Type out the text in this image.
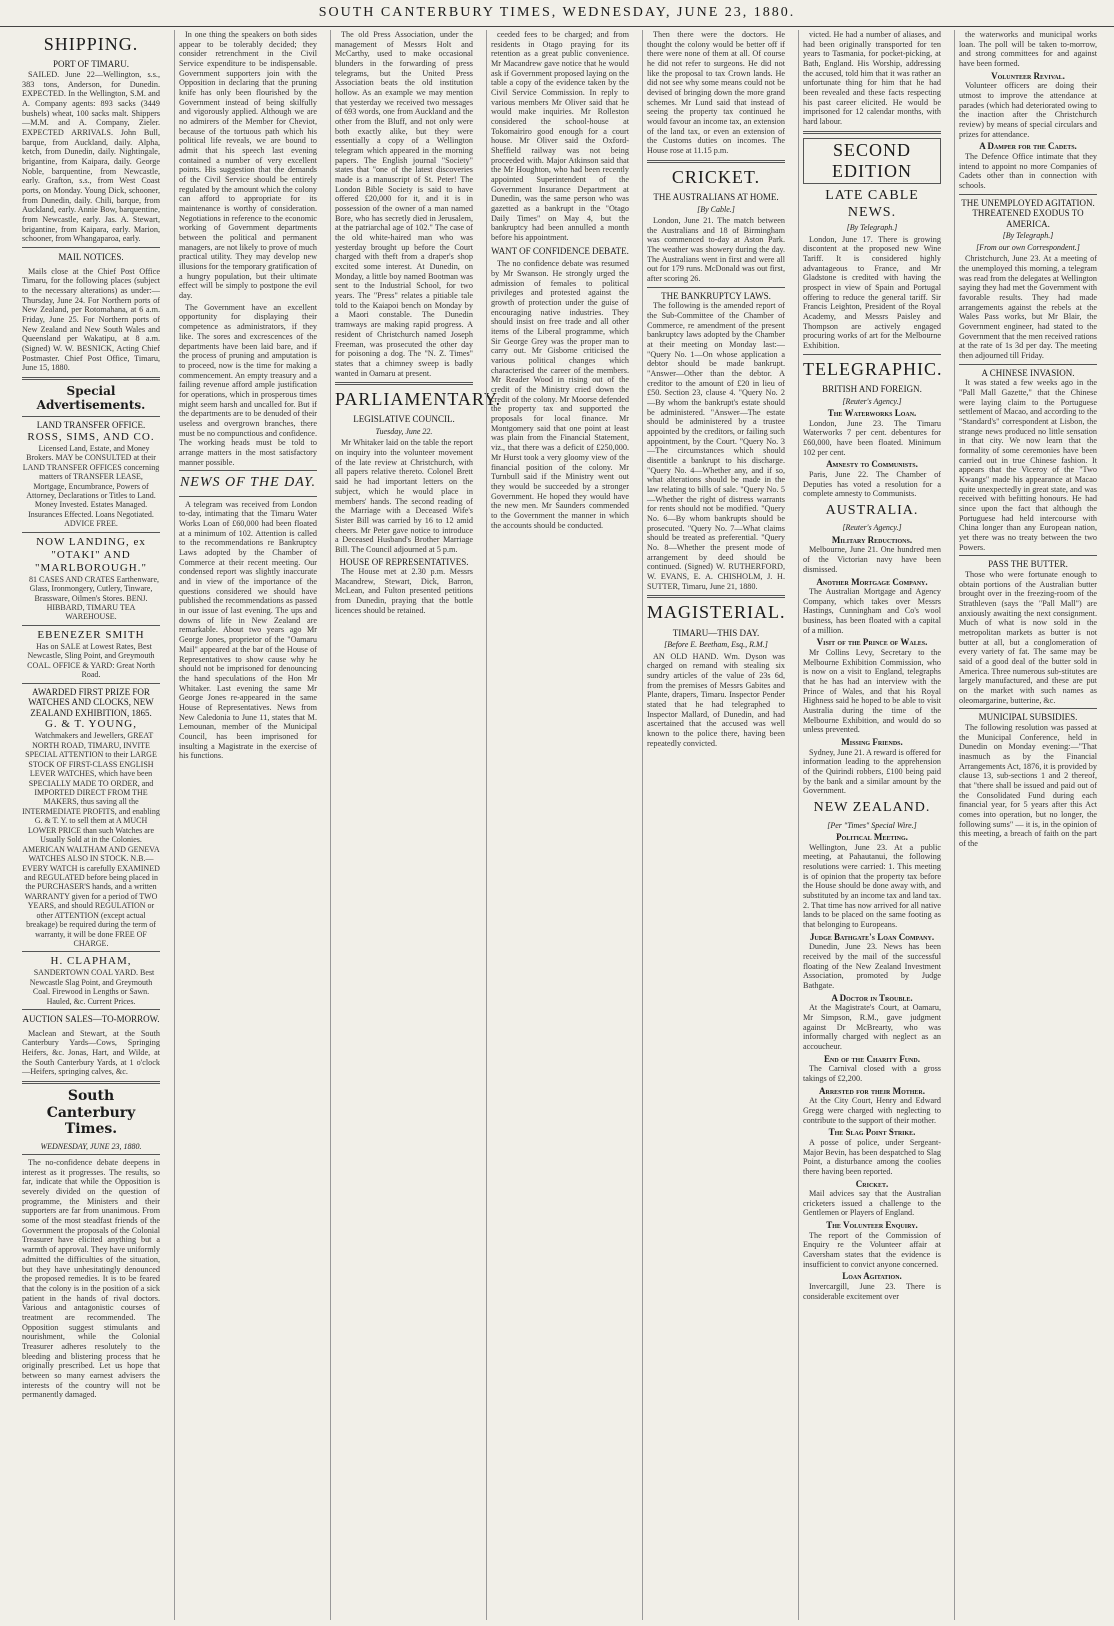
SOUTH CANTERBURY TIMES, WEDNESDAY, JUNE 23, 1880.
SHIPPING.
PORT OF TIMARU.

SAILED. June 22—Wellington, s.s., 383 tons, Anderson, for Dunedin. EXPECTED. In the Wellington, S.M. and A. Company agents: 893 sacks (3449 bushels) wheat, 100 sacks malt. Shippers—M.M. and A. Company, Zieler. EXPECTED ARRIVALS. John Bull, barque, from Auckland, daily. Alpha, ketch, from Dunedin, daily. Nightingale, brigantine, from Kaipara, daily. George Noble, barquentine, from Newcastle, early. Grafton, s.s., from West Coast ports, on Monday. Young Dick, schooner, from Dunedin, daily. Chili, barque, from Auckland, early. Annie Bow, barquentine, from Newcastle, early. Jas. A. Stewart, brigantine, from Kaipara, early. Marion, schooner, from Whangaparoa, early.

MAIL NOTICES.

Mails close at the Chief Post Office Timaru, for the following places (subject to the necessary alterations) as under:— Thursday, June 24. For Northern ports of New Zealand, per Rotomahana, at 6 a.m. Friday, June 25. For Northern ports of New Zealand and New South Wales and Queensland per Wakatipu, at 8 a.m. (Signed) W. W. BESNICK, Acting Chief Postmaster. Chief Post Office, Timaru, June 15, 1880.

Special Advertisements.
LAND TRANSFER OFFICE.
ROSS, SIMS, AND CO.

Licensed Land, Estate, and Money Brokers. MAY be CONSULTED at their LAND TRANSFER OFFICES concerning matters of TRANSFER LEASE, Mortgage, Encumbrance, Powers of Attorney, Declarations or Titles to Land. Money Invested. Estates Managed. Insurances Effected. Loans Negotiated. ADVICE FREE.

NOW LANDING, ex "OTAKI" AND "MARLBOROUGH."

81 CASES AND CRATES Earthenware, Glass, Ironmongery, Cutlery, Tinware, Brassware, Oilmen's Stores. BENJ. HIBBARD, TIMARU TEA WAREHOUSE.

EBENEZER SMITH

Has on SALE at Lowest Rates, Best Newcastle, Sling Point, and Greymouth COAL. OFFICE & YARD: Great North Road.

AWARDED FIRST PRIZE FOR WATCHES AND CLOCKS, NEW ZEALAND EXHIBITION, 1865.
G. & T. YOUNG,

Watchmakers and Jewellers, GREAT NORTH ROAD, TIMARU, INVITE SPECIAL ATTENTION to their LARGE STOCK OF FIRST-CLASS ENGLISH LEVER WATCHES, which have been SPECIALLY MADE TO ORDER, and IMPORTED DIRECT FROM THE MAKERS, thus saving all the INTERMEDIATE PROFITS, and enabling G. & T. Y. to sell them at A MUCH LOWER PRICE than such Watches are Usually Sold at in the Colonies. AMERICAN WALTHAM AND GENEVA WATCHES ALSO IN STOCK. N.B.—EVERY WATCH is carefully EXAMINED and REGULATED before being placed in the PURCHASER'S hands, and a written WARRANTY given for a period of TWO YEARS, and should REGULATION or other ATTENTION (except actual breakage) be required during the term of warranty, it will be done FREE OF CHARGE.

H. CLAPHAM,

SANDERTOWN COAL YARD. Best Newcastle Slag Point, and Greymouth Coal. Firewood in Lengths or Sawn. Hauled, &c. Current Prices.

AUCTION SALES—TO-MORROW.

Maclean and Stewart, at the South Canterbury Yards—Cows, Springing Heifers, &c. Jonas, Hart, and Wilde, at the South Canterbury Yards, at 1 o'clock—Heifers, springing calves, &c.

South Canterbury Times.
WEDNESDAY, JUNE 23, 1880.

The no-confidence debate deepens in interest as it progresses. The results, so far, indicate that while the Opposition is severely divided on the question of programme, the Ministers and their supporters are far from unanimous. From some of the most steadfast friends of the Government the proposals of the Colonial Treasurer have elicited anything but a warmth of approval. They have uniformly admitted the difficulties of the situation, but they have unhesitatingly denounced the proposed remedies. It is to be feared that the colony is in the position of a sick patient in the hands of rival doctors. Various and antagonistic courses of treatment are recommended. The Opposition suggest stimulants and nourishment, while the Colonial Treasurer adheres resolutely to the bleeding and blistering process that he originally prescribed. Let us hope that between so many earnest advisers the interests of the country will not be permanently damaged.

In one thing the speakers on both sides appear to be tolerably decided; they consider retrenchment in the Civil Service expenditure to be indispensable. Government supporters join with the Opposition in declaring that the pruning knife has only been flourished by the Government instead of being skilfully and vigorously applied. Although we are no admirers of the Member for Cheviot, because of the tortuous path which his political life reveals, we are bound to admit that his speech last evening contained a number of very excellent points. His suggestion that the demands of the Civil Service should be entirely regulated by the amount which the colony can afford to appropriate for its maintenance is worthy of consideration. Negotiations in reference to the economic working of Government departments between the political and permanent managers, are not likely to prove of much practical utility. They may develop new illusions for the temporary gratification of a hungry population, but their ultimate effect will be simply to postpone the evil day.

The Government have an excellent opportunity for displaying their competence as administrators, if they like. The sores and excrescences of the departments have been laid bare, and if the process of pruning and amputation is to proceed, now is the time for making a commencement. An empty treasury and a failing revenue afford ample justification for operations, which in prosperous times might seem harsh and uncalled for. But if the departments are to be denuded of their useless and overgrown branches, there must be no compunctious and confidence. The working heads must be told to arrange matters in the most satisfactory manner possible.

NEWS OF THE DAY.

A telegram was received from London to-day, intimating that the Timaru Water Works Loan of £60,000 had been floated at a minimum of 102. Attention is called to the recommendations re Bankruptcy Laws adopted by the Chamber of Commerce at their recent meeting. Our condensed report was slightly inaccurate and in view of the importance of the questions considered we should have published the recommendations as passed in our issue of last evening. The ups and downs of life in New Zealand are remarkable. About two years ago Mr George Jones, proprietor of the "Oamaru Mail" appeared at the bar of the House of Representatives to show cause why he should not be imprisoned for denouncing the hand speculations of the Hon Mr Whitaker. Last evening the same Mr George Jones re-appeared in the same House of Representatives. News from New Caledonia to June 11, states that M. Lemounan, member of the Municipal Council, has been imprisoned for insulting a Magistrate in the exercise of his functions.

The old Press Association, under the management of Messrs Holt and McCarthy, used to make occasional blunders in the forwarding of press telegrams, but the United Press Association beats the old institution hollow. As an example we may mention that yesterday we received two messages of 693 words, one from Auckland and the other from the Bluff, and not only were both exactly alike, but they were essentially a copy of a Wellington telegram which appeared in the morning papers. The English journal "Society" states that "one of the latest discoveries made is a manuscript of St. Peter! The London Bible Society is said to have offered £20,000 for it, and it is in possession of the owner of a man named Bore, who has secretly died in Jerusalem, at the patriarchal age of 102." The case of the old white-haired man who was yesterday brought up before the Court charged with theft from a draper's shop excited some interest. At Dunedin, on Monday, a little boy named Bootman was sent to the Industrial School, for two years. The "Press" relates a pitiable tale told to the Kaiapoi bench on Monday by a Maori constable. The Dunedin tramways are making rapid progress. A resident of Christchurch named Joseph Freeman, was prosecuted the other day for poisoning a dog. The "N. Z. Times" states that a chimney sweep is badly wanted in Oamaru at present.

PARLIAMENTARY.
LEGISLATIVE COUNCIL.
Tuesday, June 22.

Mr Whitaker laid on the table the report on inquiry into the volunteer movement of the late review at Christchurch, with all papers relative thereto. Colonel Brett said he had important letters on the subject, which he would place in members' hands. The second reading of the Marriage with a Deceased Wife's Sister Bill was carried by 16 to 12 amid cheers. Mr Peter gave notice to introduce a Deceased Husband's Brother Marriage Bill. The Council adjourned at 5 p.m.

HOUSE OF REPRESENTATIVES.

The House met at 2.30 p.m. Messrs Macandrew, Stewart, Dick, Barron, McLean, and Fulton presented petitions from Dunedin, praying that the bottle licences should be retained.

ceeded fees to be charged; and from residents in Otago praying for its retention as a great public convenience. Mr Macandrew gave notice that he would ask if Government proposed laying on the table a copy of the evidence taken by the Civil Service Commission. In reply to various members Mr Oliver said that he would make inquiries. Mr Rolleston considered the school-house at Tokomairiro good enough for a court house. Mr Oliver said the Oxford-Sheffield railway was not being proceeded with. Major Atkinson said that the Mr Houghton, who had been recently appointed Superintendent of the Government Insurance Department at Dunedin, was the same person who was gazetted as a bankrupt in the "Otago Daily Times" on May 4, but the bankruptcy had been annulled a month before his appointment.

WANT OF CONFIDENCE DEBATE.

The no confidence debate was resumed by Mr Swanson. He strongly urged the admission of females to political privileges and protested against the growth of protection under the guise of encouraging native industries. They should insist on free trade and all other items of the Liberal programme, which Sir George Grey was the proper man to carry out. Mr Gisborne criticised the various political changes which characterised the career of the members. Mr Reader Wood in rising out of the credit of the Ministry cried down the credit of the colony. Mr Moorse defended the property tax and supported the proposals for local finance. Mr Montgomery said that one point at least was plain from the Financial Statement, viz., that there was a deficit of £250,000. Mr Hurst took a very gloomy view of the financial position of the colony. Mr Turnbull said if the Ministry went out they would be succeeded by a stronger Government. He hoped they would have the new men. Mr Saunders commended to the Government the manner in which the accounts should be conducted.

Then there were the doctors. He thought the colony would be better off if there were none of them at all. Of course he did not refer to surgeons. He did not like the proposal to tax Crown lands. He did not see why some means could not be devised of bringing down the more grand schemes. Mr Lund said that instead of seeing the property tax continued he would favour an income tax, an extension of the land tax, or even an extension of the Customs duties on incomes. The House rose at 11.15 p.m.

CRICKET.
THE AUSTRALIANS AT HOME.
[By Cable.]

London, June 21. The match between the Australians and 18 of Birmingham was commenced to-day at Aston Park. The weather was showery during the day. The Australians went in first and were all out for 179 runs. McDonald was out first, after scoring 26.

THE BANKRUPTCY LAWS.

The following is the amended report of the Sub-Committee of the Chamber of Commerce, re amendment of the present bankruptcy laws adopted by the Chamber at their meeting on Monday last:— "Query No. 1—On whose application a debtor should be made bankrupt. "Answer—Other than the debtor. A creditor to the amount of £20 in lieu of £50. Section 23, clause 4. "Query No. 2—By whom the bankrupt's estate should be administered. "Answer—The estate should be administered by a trustee appointed by the creditors, or failing such appointment, by the Court. "Query No. 3—The circumstances which should disentitle a bankrupt to his discharge. "Query No. 4—Whether any, and if so, what alterations should be made in the law relating to bills of sale. "Query No. 5—Whether the right of distress warrants for rents should not be modified. "Query No. 6—By whom bankrupts should be prosecuted. "Query No. 7—What claims should be treated as preferential. "Query No. 8—Whether the present mode of arrangement by deed should be continued. (Signed) W. RUTHERFORD, W. EVANS, E. A. CHISHOLM, J. H. SUTTER, Timaru, June 21, 1880.

MAGISTERIAL.
TIMARU—THIS DAY.
[Before E. Beetham, Esq., R.M.]

AN OLD HAND. Wm. Dyson was charged on remand with stealing six sundry articles of the value of 23s 6d, from the premises of Messrs Gabites and Plante, drapers, Timaru. Inspector Pender stated that he had telegraphed to Inspector Mallard, of Dunedin, and had ascertained that the accused was well known to the police there, having been repeatedly convicted.

victed. He had a number of aliases, and had been originally transported for ten years to Tasmania, for pocket-picking, at Bath, England. His Worship, addressing the accused, told him that it was rather an unfortunate thing for him that he had been revealed and these facts respecting his past career elicited. He would be imprisoned for 12 calendar months, with hard labour.

SECOND EDITION
LATE CABLE NEWS.
[By Telegraph.]

London, June 17. There is growing discontent at the proposed new Wine Tariff. It is considered highly advantageous to France, and Mr Gladstone is credited with having the prospect in view of Spain and Portugal offering to reduce the general tariff. Sir Francis Leighton, President of the Royal Academy, and Messrs Paisley and Thompson are actively engaged procuring works of art for the Melbourne Exhibition.

TELEGRAPHIC.
BRITISH AND FOREIGN.
[Reuter's Agency.]
The Waterworks Loan.

London, June 23. The Timaru Waterworks 7 per cent. debentures for £60,000, have been floated. Minimum 102 per cent.

Amnesty to Communists.

Paris, June 22. The Chamber of Deputies has voted a resolution for a complete amnesty to Communists.

AUSTRALIA.
[Reuter's Agency.]
Military Reductions.

Melbourne, June 21. One hundred men of the Victorian navy have been dismissed.

Another Mortgage Company.

The Australian Mortgage and Agency Company, which takes over Messrs Hastings, Cunningham and Co's wool business, has been floated with a capital of a million.

Visit of the Prince of Wales.

Mr Collins Levy, Secretary to the Melbourne Exhibition Commission, who is now on a visit to England, telegraphs that he has had an interview with the Prince of Wales, and that his Royal Highness said he hoped to be able to visit Australia during the time of the Melbourne Exhibition, and would do so unless prevented.

Missing Friends.

Sydney, June 21. A reward is offered for information leading to the apprehension of the Quirindi robbers, £100 being paid by the bank and a similar amount by the Government.

NEW ZEALAND.
[Per "Times" Special Wire.]
Political Meeting.

Wellington, June 23. At a public meeting, at Pahautanui, the following resolutions were carried: 1. This meeting is of opinion that the property tax before the House should be done away with, and substituted by an income tax and land tax. 2. That time has now arrived for all native lands to be placed on the same footing as that belonging to Europeans.

Judge Bathgate's Loan Company.

Dunedin, June 23. News has been received by the mail of the successful floating of the New Zealand Investment Association, promoted by Judge Bathgate.

A Doctor in Trouble.

At the Magistrate's Court, at Oamaru, Mr Simpson, R.M., gave judgment against Dr McBrearty, who was informally charged with neglect as an accoucheur.

End of the Charity Fund.

The Carnival closed with a gross takings of £2,200.

Arrested for their Mother.

At the City Court, Henry and Edward Gregg were charged with neglecting to contribute to the support of their mother.

The Slag Point Strike.

A posse of police, under Sergeant-Major Bevin, has been despatched to Slag Point, a disturbance among the coolies there having been reported.

Cricket.

Mail advices say that the Australian cricketers issued a challenge to the Gentlemen or Players of England.

The Volunteer Enquiry.

The report of the Commission of Enquiry re the Volunteer affair at Caversham states that the evidence is insufficient to convict anyone concerned.

Loan Agitation.

Invercargill, June 23. There is considerable excitement over

the waterworks and municipal works loan. The poll will be taken to-morrow, and strong committees for and against have been formed.

Volunteer Revival.

Volunteer officers are doing their utmost to improve the attendance at parades (which had deteriorated owing to the inaction after the Christchurch review) by means of special circulars and prizes for attendance.

A Damper for the Cadets.

The Defence Office intimate that they intend to appoint no more Companies of Cadets other than in connection with schools.

THE UNEMPLOYED AGITATION.
THREATENED EXODUS TO AMERICA.
[By Telegraph.]
[From our own Correspondent.]

Christchurch, June 23. At a meeting of the unemployed this morning, a telegram was read from the delegates at Wellington saying they had met the Government with favorable results. They had made arrangements against the rebels at the Wales Pass works, but Mr Blair, the Government engineer, had stated to the Government that the men received rations at the rate of 1s 3d per day. The meeting then adjourned till Friday.

A CHINESE INVASION.

It was stated a few weeks ago in the "Pall Mall Gazette," that the Chinese were laying claim to the Portuguese settlement of Macao, and according to the "Standard's" correspondent at Lisbon, the strange news produced no little sensation in that city. We now learn that the formality of some ceremonies have been carried out in true Chinese fashion. It appears that the Viceroy of the "Two Kwangs" made his appearance at Macao quite unexpectedly in great state, and was received with befitting honours. He had since upon the fact that although the Portuguese had held intercourse with China longer than any European nation, yet there was no treaty between the two Powers.

PASS THE BUTTER.

Those who were fortunate enough to obtain portions of the Australian butter brought over in the freezing-room of the Strathleven (says the "Pall Mall") are anxiously awaiting the next consignment. Much of what is now sold in the metropolitan markets as butter is not butter at all, but a conglomeration of every variety of fat. The same may be said of a good deal of the butter sold in America. Three numerous sub-stitutes are largely manufactured, and these are put on the market with such names as oleomargarine, butterine, &c.

MUNICIPAL SUBSIDIES.

The following resolution was passed at the Municipal Conference, held in Dunedin on Monday evening:—"That inasmuch as by the Financial Arrangements Act, 1876, it is provided by clause 13, sub-sections 1 and 2 thereof, that "there shall be issued and paid out of the Consolidated Fund during each financial year, for 5 years after this Act comes into operation, but no longer, the following sums" — it is, in the opinion of this meeting, a breach of faith on the part of the
